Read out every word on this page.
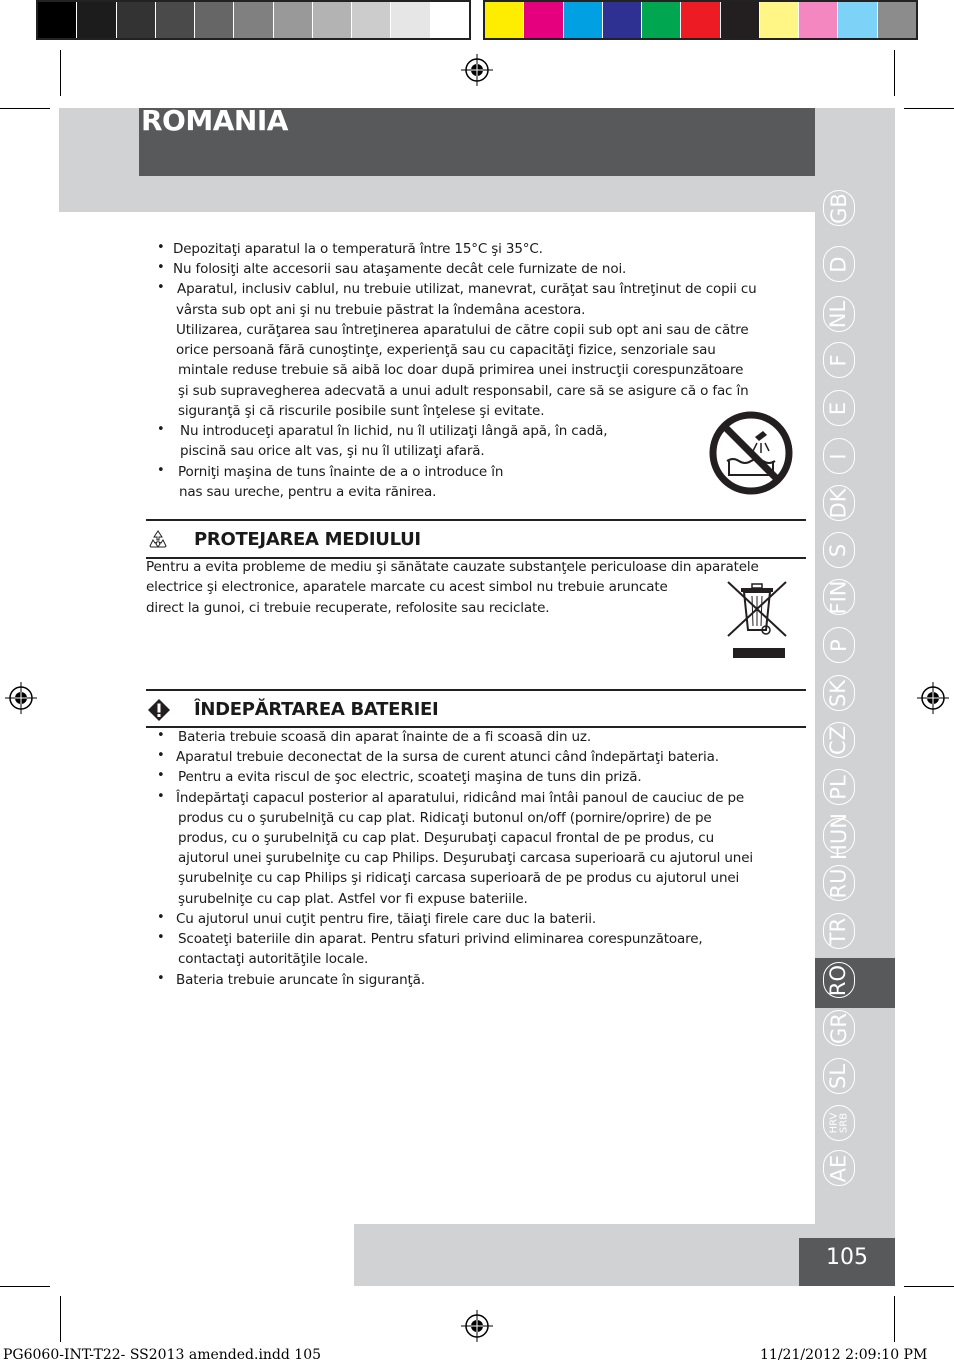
ROMANIA
105
GB
D
NL
F
E
I
DK
S
FIN
P
SK
CZ
PL
HUN
RU
TR
RO
GR
SL
HRV
SRB
AE
• Depozitaţi aparatul la o temperatură între 15°C şi 35°C.
• Nu folosiţi alte accesorii sau ataşamente decât cele furnizate de noi.
• Aparatul, inclusiv cablul, nu trebuie utilizat, manevrat, curăţat sau întreţinut de copii cu
vârsta sub opt ani şi nu trebuie păstrat la îndemâna acestora.
Utilizarea, curăţarea sau întreţinerea aparatului de către copii sub opt ani sau de către
orice persoană fără cunoştinţe, experienţă sau cu capacităţi fizice, senzoriale sau
mintale reduse trebuie să aibă loc doar după primirea unei instrucţii corespunzătoare
şi sub supravegherea adecvată a unui adult responsabil, care să se asigure că o fac în
siguranţă şi că riscurile posibile sunt înţelese şi evitate.
• Nu introduceţi aparatul în lichid, nu îl utilizaţi lângă apă, în cadă,
piscină sau orice alt vas, şi nu îl utilizaţi afară.
• Porniţi maşina de tuns înainte de a o introduce în
nas sau ureche, pentru a evita rănirea.
PROTEJAREA MEDIULUI
Pentru a evita probleme de mediu şi sănătate cauzate substanţele periculoase din aparatele
electrice şi electronice, aparatele marcate cu acest simbol nu trebuie aruncate
direct la gunoi, ci trebuie recuperate, refolosite sau reciclate.
ÎNDEPĂRTAREA BATERIEI
• Bateria trebuie scoasă din aparat înainte de a fi scoasă din uz.
• Aparatul trebuie deconectat de la sursa de curent atunci când îndepărtaţi bateria.
• Pentru a evita riscul de şoc electric, scoateţi maşina de tuns din priză.
• Îndepărtaţi capacul posterior al aparatului, ridicând mai întâi panoul de cauciuc de pe
produs cu o şurubelniţă cu cap plat. Ridicaţi butonul on/off (pornire/oprire) de pe
produs, cu o şurubelniţă cu cap plat. Deşurubaţi capacul frontal de pe produs, cu
ajutorul unei şurubelniţe cu cap Philips. Deşurubaţi carcasa superioară cu ajutorul unei
şurubelniţe cu cap Philips şi ridicaţi carcasa superioară de pe produs cu ajutorul unei
şurubelniţe cu cap plat. Astfel vor fi expuse bateriile.
• Cu ajutorul unui cuţit pentru fire, tăiaţi firele care duc la baterii.
• Scoateţi bateriile din aparat. Pentru sfaturi privind eliminarea corespunzătoare,
contactaţi autorităţile locale.
• Bateria trebuie aruncate în siguranţă.
PG6060-INT-T22- SS2013 amended.indd 105	11/21/2012 2:09:10 PM
